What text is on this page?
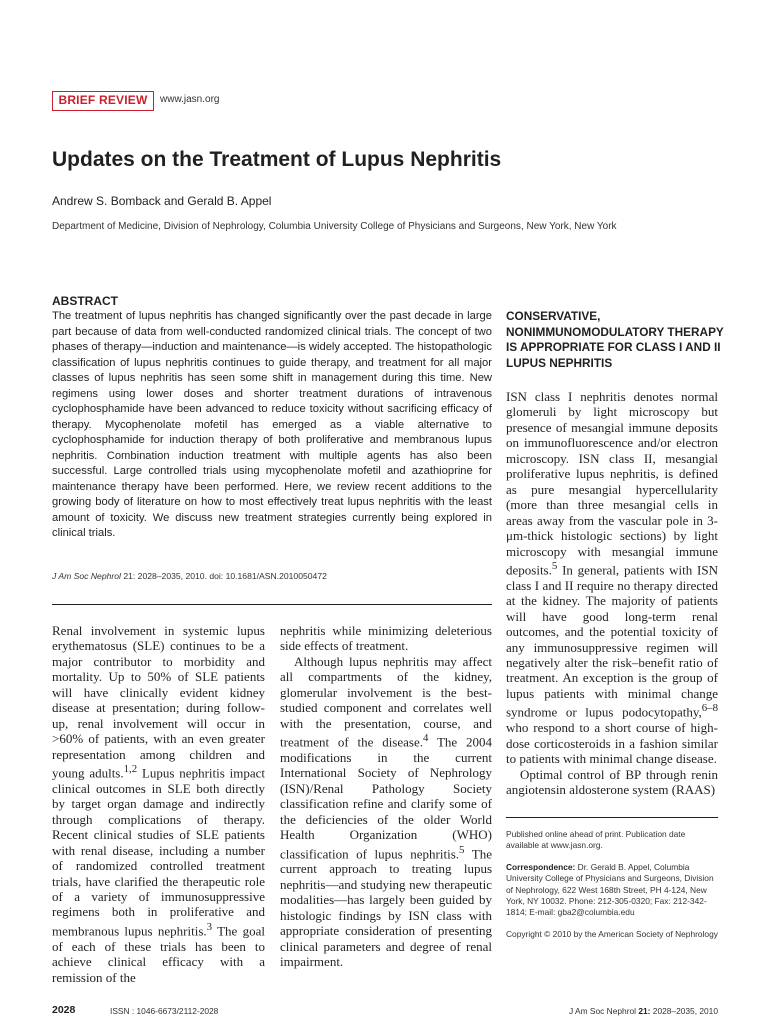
BRIEF REVIEW	www.jasn.org
Updates on the Treatment of Lupus Nephritis
Andrew S. Bomback and Gerald B. Appel
Department of Medicine, Division of Nephrology, Columbia University College of Physicians and Surgeons, New York, New York
ABSTRACT
The treatment of lupus nephritis has changed significantly over the past decade in large part because of data from well-conducted randomized clinical trials. The concept of two phases of therapy—induction and maintenance—is widely accepted. The histopathologic classification of lupus nephritis continues to guide therapy, and treatment for all major classes of lupus nephritis has seen some shift in management during this time. New regimens using lower doses and shorter treatment durations of intravenous cyclophosphamide have been advanced to reduce toxicity without sacrificing efficacy of therapy. Mycophenolate mofetil has emerged as a viable alternative to cyclophosphamide for induction therapy of both proliferative and membranous lupus nephritis. Combination induction treatment with multiple agents has also been successful. Large controlled trials using mycophenolate mofetil and azathioprine for maintenance therapy have been performed. Here, we review recent additions to the growing body of literature on how to most effectively treat lupus nephritis with the least amount of toxicity. We discuss new treatment strategies currently being explored in clinical trials.
J Am Soc Nephrol 21: 2028–2035, 2010. doi: 10.1681/ASN.2010050472

Renal involvement in systemic lupus erythematosus (SLE) continues to be a major contributor to morbidity and mortality. Up to 50% of SLE patients will have clinically evident kidney disease at presentation; during follow-up, renal involvement will occur in >60% of patients, with an even greater representation among children and young adults.$^{1,2}$ Lupus nephritis impact clinical outcomes in SLE both directly by target organ damage and indirectly through complications of therapy. Recent clinical studies of SLE patients with renal disease, including a number of randomized controlled treatment trials, have clarified the therapeutic role of a variety of immunosuppressive regimens both in proliferative and membranous lupus nephritis.$^3$ The goal of each of these trials has been to achieve clinical efficacy with a remission of the

nephritis while minimizing deleterious side effects of treatment.

Although lupus nephritis may affect all compartments of the kidney, glomerular involvement is the best-studied component and correlates well with the presentation, course, and treatment of the disease.$^4$ The 2004 modifications in the current International Society of Nephrology (ISN)/Renal Pathology Society classification refine and clarify some of the deficiencies of the older World Health Organization (WHO) classification of lupus nephritis.$^5$ The current approach to treating lupus nephritis—and studying new therapeutic modalities—has largely been guided by histologic findings by ISN class with appropriate consideration of presenting clinical parameters and degree of renal impairment.

CONSERVATIVE, NONIMMUNOMODULATORY THERAPY IS APPROPRIATE FOR CLASS I AND II LUPUS NEPHRITIS

ISN class I nephritis denotes normal glomeruli by light microscopy but presence of mesangial immune deposits on immunofluorescence and/or electron microscopy. ISN class II, mesangial proliferative lupus nephritis, is defined as pure mesangial hypercellularity (more than three mesangial cells in areas away from the vascular pole in 3-μm-thick histologic sections) by light microscopy with mesangial immune deposits.$^5$ In general, patients with ISN class I and II require no therapy directed at the kidney. The majority of patients will have good long-term renal outcomes, and the potential toxicity of any immunosuppressive regimen will negatively alter the risk–benefit ratio of treatment. An exception is the group of lupus patients with minimal change syndrome or lupus podocytopathy,$^{6-8}$ who respond to a short course of high-dose corticosteroids in a fashion similar to patients with minimal change disease.

Optimal control of BP through renin angiotensin aldosterone system (RAAS)

Published online ahead of print. Publication date available at www.jasn.org.
Correspondence: Dr. Gerald B. Appel, Columbia University College of Physicians and Surgeons, Division of Nephrology, 622 West 168th Street, PH 4-124, New York, NY 10032. Phone: 212-305-0320; Fax: 212-342-1814; E-mail: gba2@columbia.edu
Copyright © 2010 by the American Society of Nephrology
2028	ISSN : 1046-6673/2112-2028	J Am Soc Nephrol 21: 2028–2035, 2010
